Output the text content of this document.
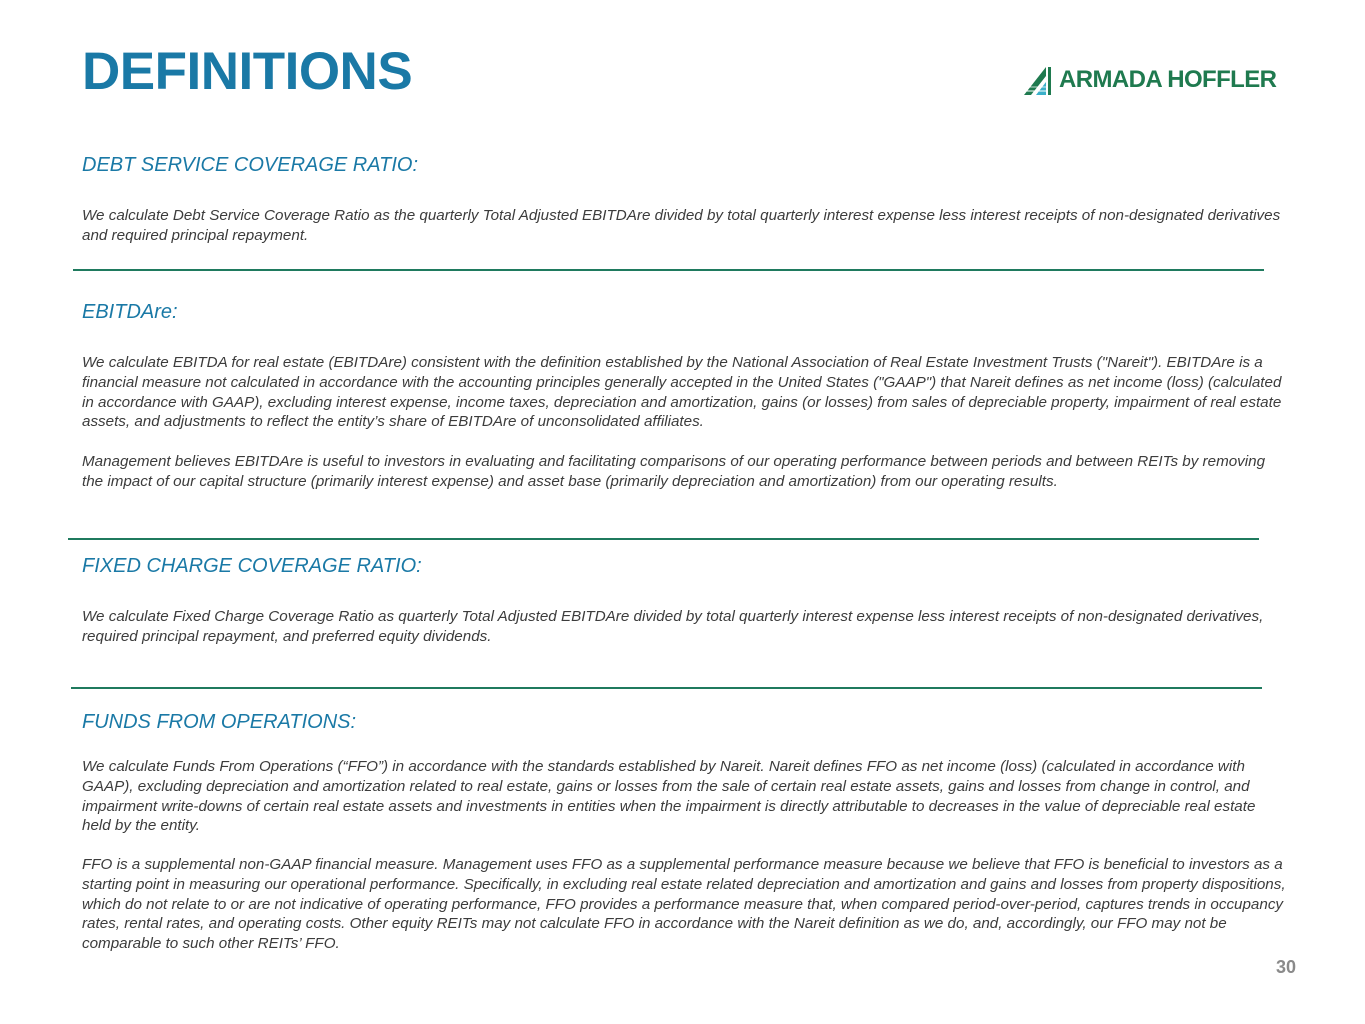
DEFINITIONS	ARMADA HOFFLER
DEBT SERVICE COVERAGE RATIO:

We calculate Debt Service Coverage Ratio as the quarterly Total Adjusted EBITDAre divided by total quarterly interest expense less interest receipts of non-designated derivatives and required principal repayment.

EBITDAre:

We calculate EBITDA for real estate (EBITDAre) consistent with the definition established by the National Association of Real Estate Investment Trusts ("Nareit"). EBITDAre is a financial measure not calculated in accordance with the accounting principles generally accepted in the United States ("GAAP") that Nareit defines as net income (loss) (calculated in accordance with GAAP), excluding interest expense, income taxes, depreciation and amortization, gains (or losses) from sales of depreciable property, impairment of real estate assets, and adjustments to reflect the entity’s share of EBITDAre of unconsolidated affiliates.

Management believes EBITDAre is useful to investors in evaluating and facilitating comparisons of our operating performance between periods and between REITs by removing the impact of our capital structure (primarily interest expense) and asset base (primarily depreciation and amortization) from our operating results.

FIXED CHARGE COVERAGE RATIO:

We calculate Fixed Charge Coverage Ratio as quarterly Total Adjusted EBITDAre divided by total quarterly interest expense less interest receipts of non-designated derivatives, required principal repayment, and preferred equity dividends.

FUNDS FROM OPERATIONS:

We calculate Funds From Operations (“FFO”) in accordance with the standards established by Nareit. Nareit defines FFO as net income (loss) (calculated in accordance with GAAP), excluding depreciation and amortization related to real estate, gains or losses from the sale of certain real estate assets, gains and losses from change in control, and impairment write-downs of certain real estate assets and investments in entities when the impairment is directly attributable to decreases in the value of depreciable real estate held by the entity.

FFO is a supplemental non-GAAP financial measure. Management uses FFO as a supplemental performance measure because we believe that FFO is beneficial to investors as a starting point in measuring our operational performance. Specifically, in excluding real estate related depreciation and amortization and gains and losses from property dispositions, which do not relate to or are not indicative of operating performance, FFO provides a performance measure that, when compared period-over-period, captures trends in occupancy rates, rental rates, and operating costs. Other equity REITs may not calculate FFO in accordance with the Nareit definition as we do, and, accordingly, our FFO may not be comparable to such other REITs’ FFO.

30
